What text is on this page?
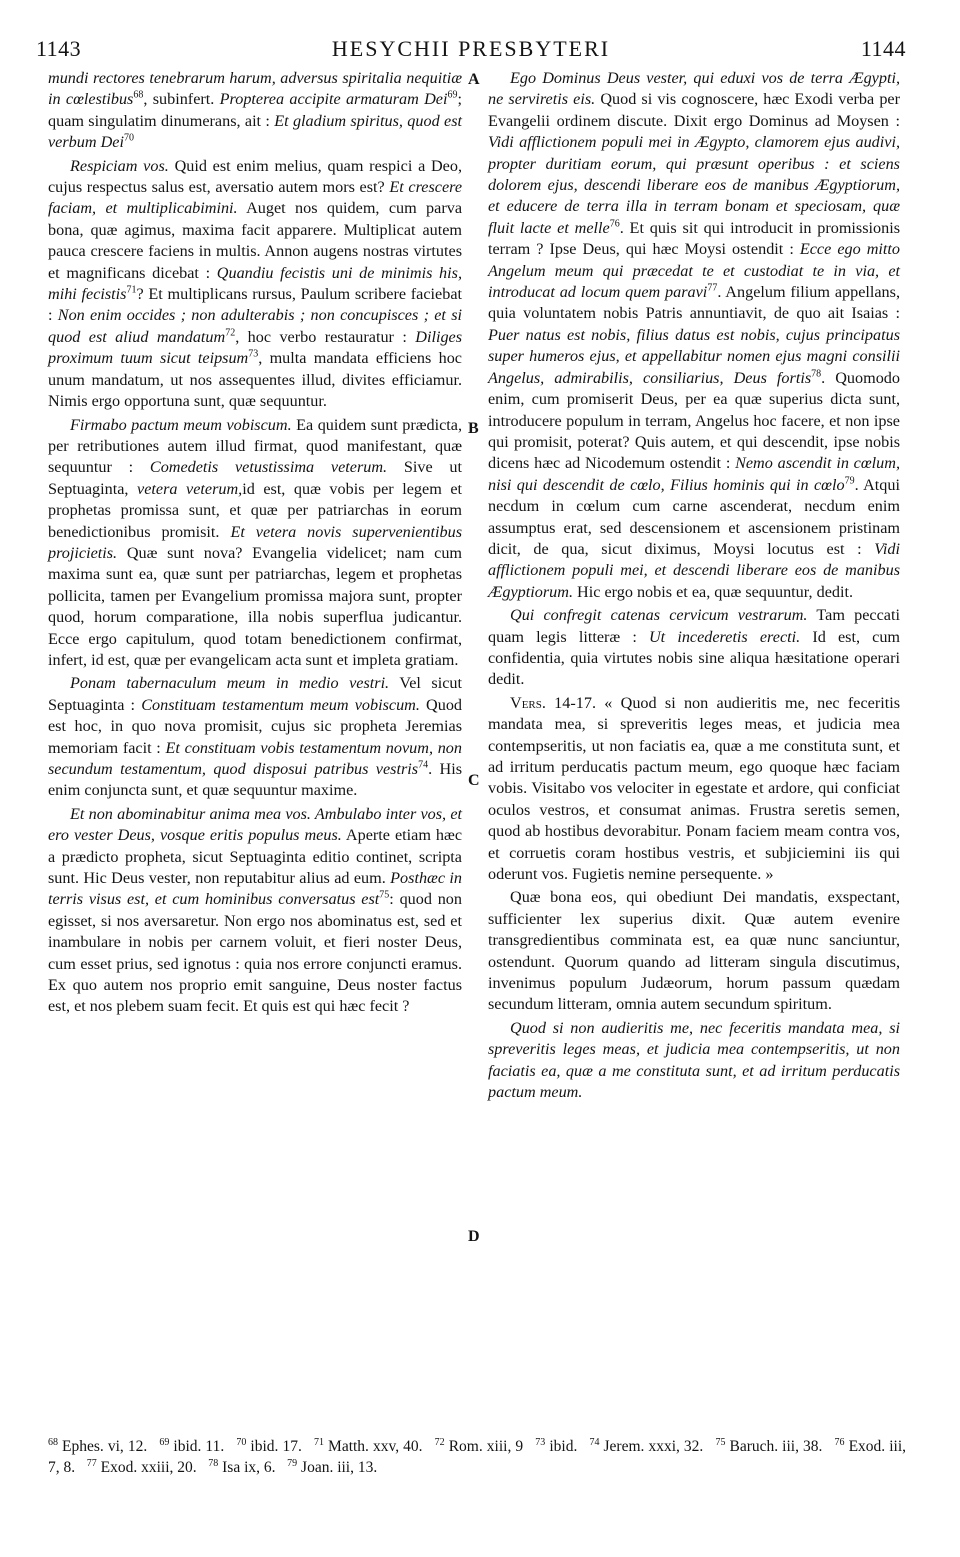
1143	HESYCHII PRESBYTERI	1144
A
B
C
D

mundi rectores tenebrarum harum, adversus spiritalia nequitiæ in cœlestibus$^{68}$, subinfert. Propterea accipite armaturam Dei$^{69}$; quam singulatim dinumerans, ait : Et gladium spiritus, quod est verbum Dei$^{70}$

Respiciam vos. Quid est enim melius, quam respici a Deo, cujus respectus salus est, aversatio autem mors est? Et crescere faciam, et multiplicabimini. Auget nos quidem, cum parva bona, quæ agimus, maxima facit apparere. Multiplicat autem pauca crescere faciens in multis. Annon augens nostras virtutes et magnificans dicebat : Quandiu fecistis uni de minimis his, mihi fecistis$^{71}$? Et multiplicans rursus, Paulum scribere faciebat : Non enim occides ; non adulterabis ; non concupisces ; et si quod est aliud mandatum$^{72}$, hoc verbo restauratur : Diliges proximum tuum sicut teipsum$^{73}$, multa mandata efficiens hoc unum mandatum, ut nos assequentes illud, divites efficiamur. Nimis ergo opportuna sunt, quæ sequuntur.

Firmabo pactum meum vobiscum. Ea quidem sunt prædicta, per retributiones autem illud firmat, quod manifestant, quæ sequuntur : Comedetis vetustissima veterum. Sive ut Septuaginta, vetera veterum,id est, quæ vobis per legem et prophetas promissa sunt, et quæ per patriarchas in eorum benedictionibus promisit. Et vetera novis supervenientibus projicietis. Quæ sunt nova? Evangelia videlicet; nam cum maxima sunt ea, quæ sunt per patriarchas, legem et prophetas pollicita, tamen per Evangelium promissa majora sunt, propter quod, horum comparatione, illa nobis superflua judicantur. Ecce ergo capitulum, quod totam benedictionem confirmat, infert, id est, quæ per evangelicam acta sunt et impleta gratiam.

Ponam tabernaculum meum in medio vestri. Vel sicut Septuaginta : Constituam testamentum meum vobiscum. Quod est hoc, in quo nova promisit, cujus sic propheta Jeremias memoriam facit : Et constituam vobis testamentum novum, non secundum testamentum, quod disposui patribus vestris$^{74}$. His enim conjuncta sunt, et quæ sequuntur maxime.

Et non abominabitur anima mea vos. Ambulabo inter vos, et ero vester Deus, vosque eritis populus meus. Aperte etiam hæc a prædicto propheta, sicut Septuaginta editio continet, scripta sunt. Hic Deus vester, non reputabitur alius ad eum. Posthæc in terris visus est, et cum hominibus conversatus est$^{75}$: quod non egisset, si nos aversaretur. Non ergo nos abominatus est, sed et inambulare in nobis per carnem voluit, et fieri noster Deus, cum esset prius, sed ignotus : quia nos errore conjuncti eramus. Ex quo autem nos proprio emit sanguine, Deus noster factus est, et nos plebem suam fecit. Et quis est qui hæc fecit ?

Ego Dominus Deus vester, qui eduxi vos de terra Ægypti, ne serviretis eis. Quod si vis cognoscere, hæc Exodi verba per Evangelii ordinem discute. Dixit ergo Dominus ad Moysen : Vidi afflictionem populi mei in Ægypto, clamorem ejus audivi, propter duritiam eorum, qui præsunt operibus : et sciens dolorem ejus, descendi liberare eos de manibus Ægyptiorum, et educere de terra illa in terram bonam et speciosam, quæ fluit lacte et melle$^{76}$. Et quis sit qui introducit in promissionis terram ? Ipse Deus, qui hæc Moysi ostendit : Ecce ego mitto Angelum meum qui præcedat te et custodiat te in via, et introducat ad locum quem paravi$^{77}$. Angelum filium appellans, quia voluntatem nobis Patris annuntiavit, de quo ait Isaias : Puer natus est nobis, filius datus est nobis, cujus principatus super humeros ejus, et appellabitur nomen ejus magni consilii Angelus, admirabilis, consiliarius, Deus fortis$^{78}$. Quomodo enim, cum promiserit Deus, per ea quæ superius dicta sunt, introducere populum in terram, Angelus hoc facere, et non ipse qui promisit, poterat? Quis autem, et qui descendit, ipse nobis dicens hæc ad Nicodemum ostendit : Nemo ascendit in cœlum, nisi qui descendit de cœlo, Filius hominis qui in cœlo$^{79}$. Atqui necdum in cœlum cum carne ascenderat, necdum enim assumptus erat, sed descensionem et ascensionem pristinam dicit, de qua, sicut diximus, Moysi locutus est : Vidi afflictionem populi mei, et descendi liberare eos de manibus Ægyptiorum. Hic ergo nobis et ea, quæ sequuntur, dedit.

Qui confregit catenas cervicum vestrarum. Tam peccati quam legis litteræ : Ut incederetis erecti. Id est, cum confidentia, quia virtutes nobis sine aliqua hæsitatione operari dedit.

Vers. 14-17. « Quod si non audieritis me, nec feceritis mandata mea, si spreveritis leges meas, et judicia mea contempseritis, ut non faciatis ea, quæ a me constituta sunt, et ad irritum perducatis pactum meum, ego quoque hæc faciam vobis. Visitabo vos velociter in egestate et ardore, qui conficiat oculos vestros, et consumat animas. Frustra seretis semen, quod ab hostibus devorabitur. Ponam faciem meam contra vos, et corruetis coram hostibus vestris, et subjiciemini iis qui oderunt vos. Fugietis nemine persequente. »

Quæ bona eos, qui obediunt Dei mandatis, exspectant, sufficienter lex superius dixit. Quæ autem evenire transgredientibus comminata est, ea quæ nunc sanciuntur, ostendunt. Quorum quando ad litteram singula discutimus, invenimus populum Judæorum, horum passum quædam secundum litteram, omnia autem secundum spiritum.

Quod si non audieritis me, nec feceritis mandata mea, si spreveritis leges meas, et judicia mea contempseritis, ut non faciatis ea, quæ a me constituta sunt, et ad irritum perducatis pactum meum.

$^{68}$ Ephes. vi, 12. $^{69}$ ibid. 11. $^{70}$ ibid. 17. $^{71}$ Matth. xxv, 40. $^{72}$ Rom. xiii, 9 $^{73}$ ibid. $^{74}$ Jerem. xxxi, 32. $^{75}$ Baruch. iii, 38. $^{76}$ Exod. iii, 7, 8. $^{77}$ Exod. xxiii, 20. $^{78}$ Isa ix, 6. $^{79}$ Joan. iii, 13.
